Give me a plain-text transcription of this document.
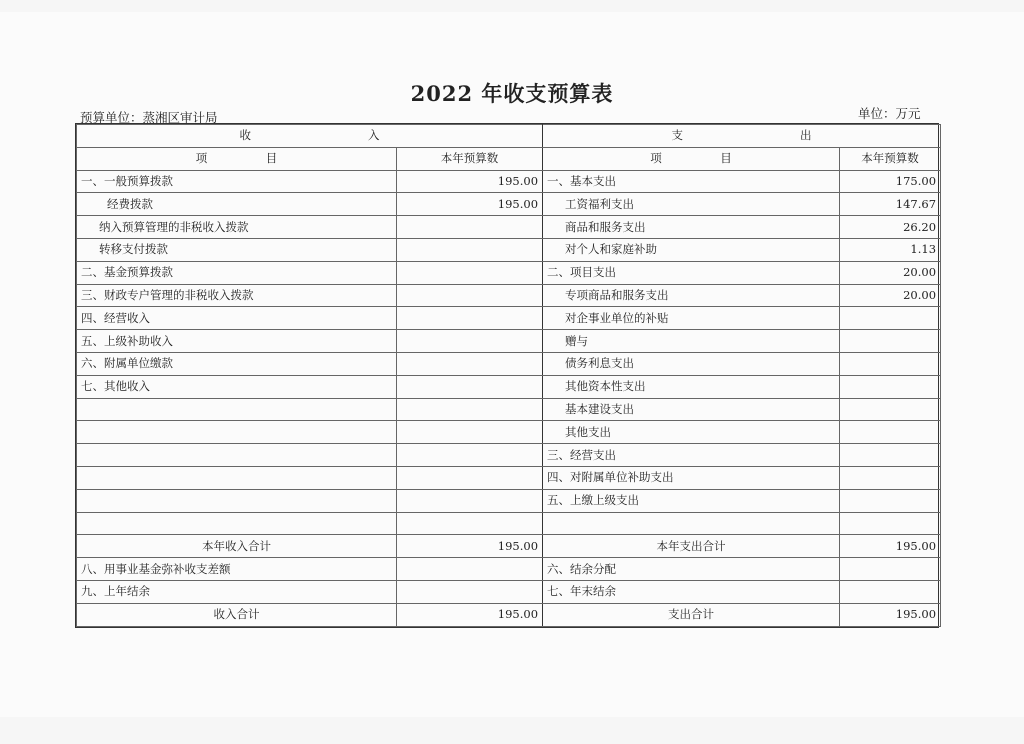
2022 年收支预算表
预算单位：蒸湘区审计局	单位：万元
收                                入		支                                出	
项                目	本年预算数	项                目	本年预算数
一、一般预算拨款	195.00	一、基本支出	175.00
经费拨款	195.00	工资福利支出	147.67
纳入预算管理的非税收入拨款		商品和服务支出	26.20
转移支付拨款		对个人和家庭补助	1.13
二、基金预算拨款		二、项目支出	20.00
三、财政专户管理的非税收入拨款		专项商品和服务支出	20.00
四、经营收入		对企事业单位的补贴	
五、上级补助收入		赠与	
六、附属单位缴款		债务利息支出	
七、其他收入		其他资本性支出	
		基本建设支出	
		其他支出	
		三、经营支出	
		四、对附属单位补助支出	
		五、上缴上级支出	

本年收入合计	195.00	本年支出合计	195.00
八、用事业基金弥补收支差额		六、结余分配	
九、上年结余		七、年末结余	
收入合计	195.00	支出合计	195.00
